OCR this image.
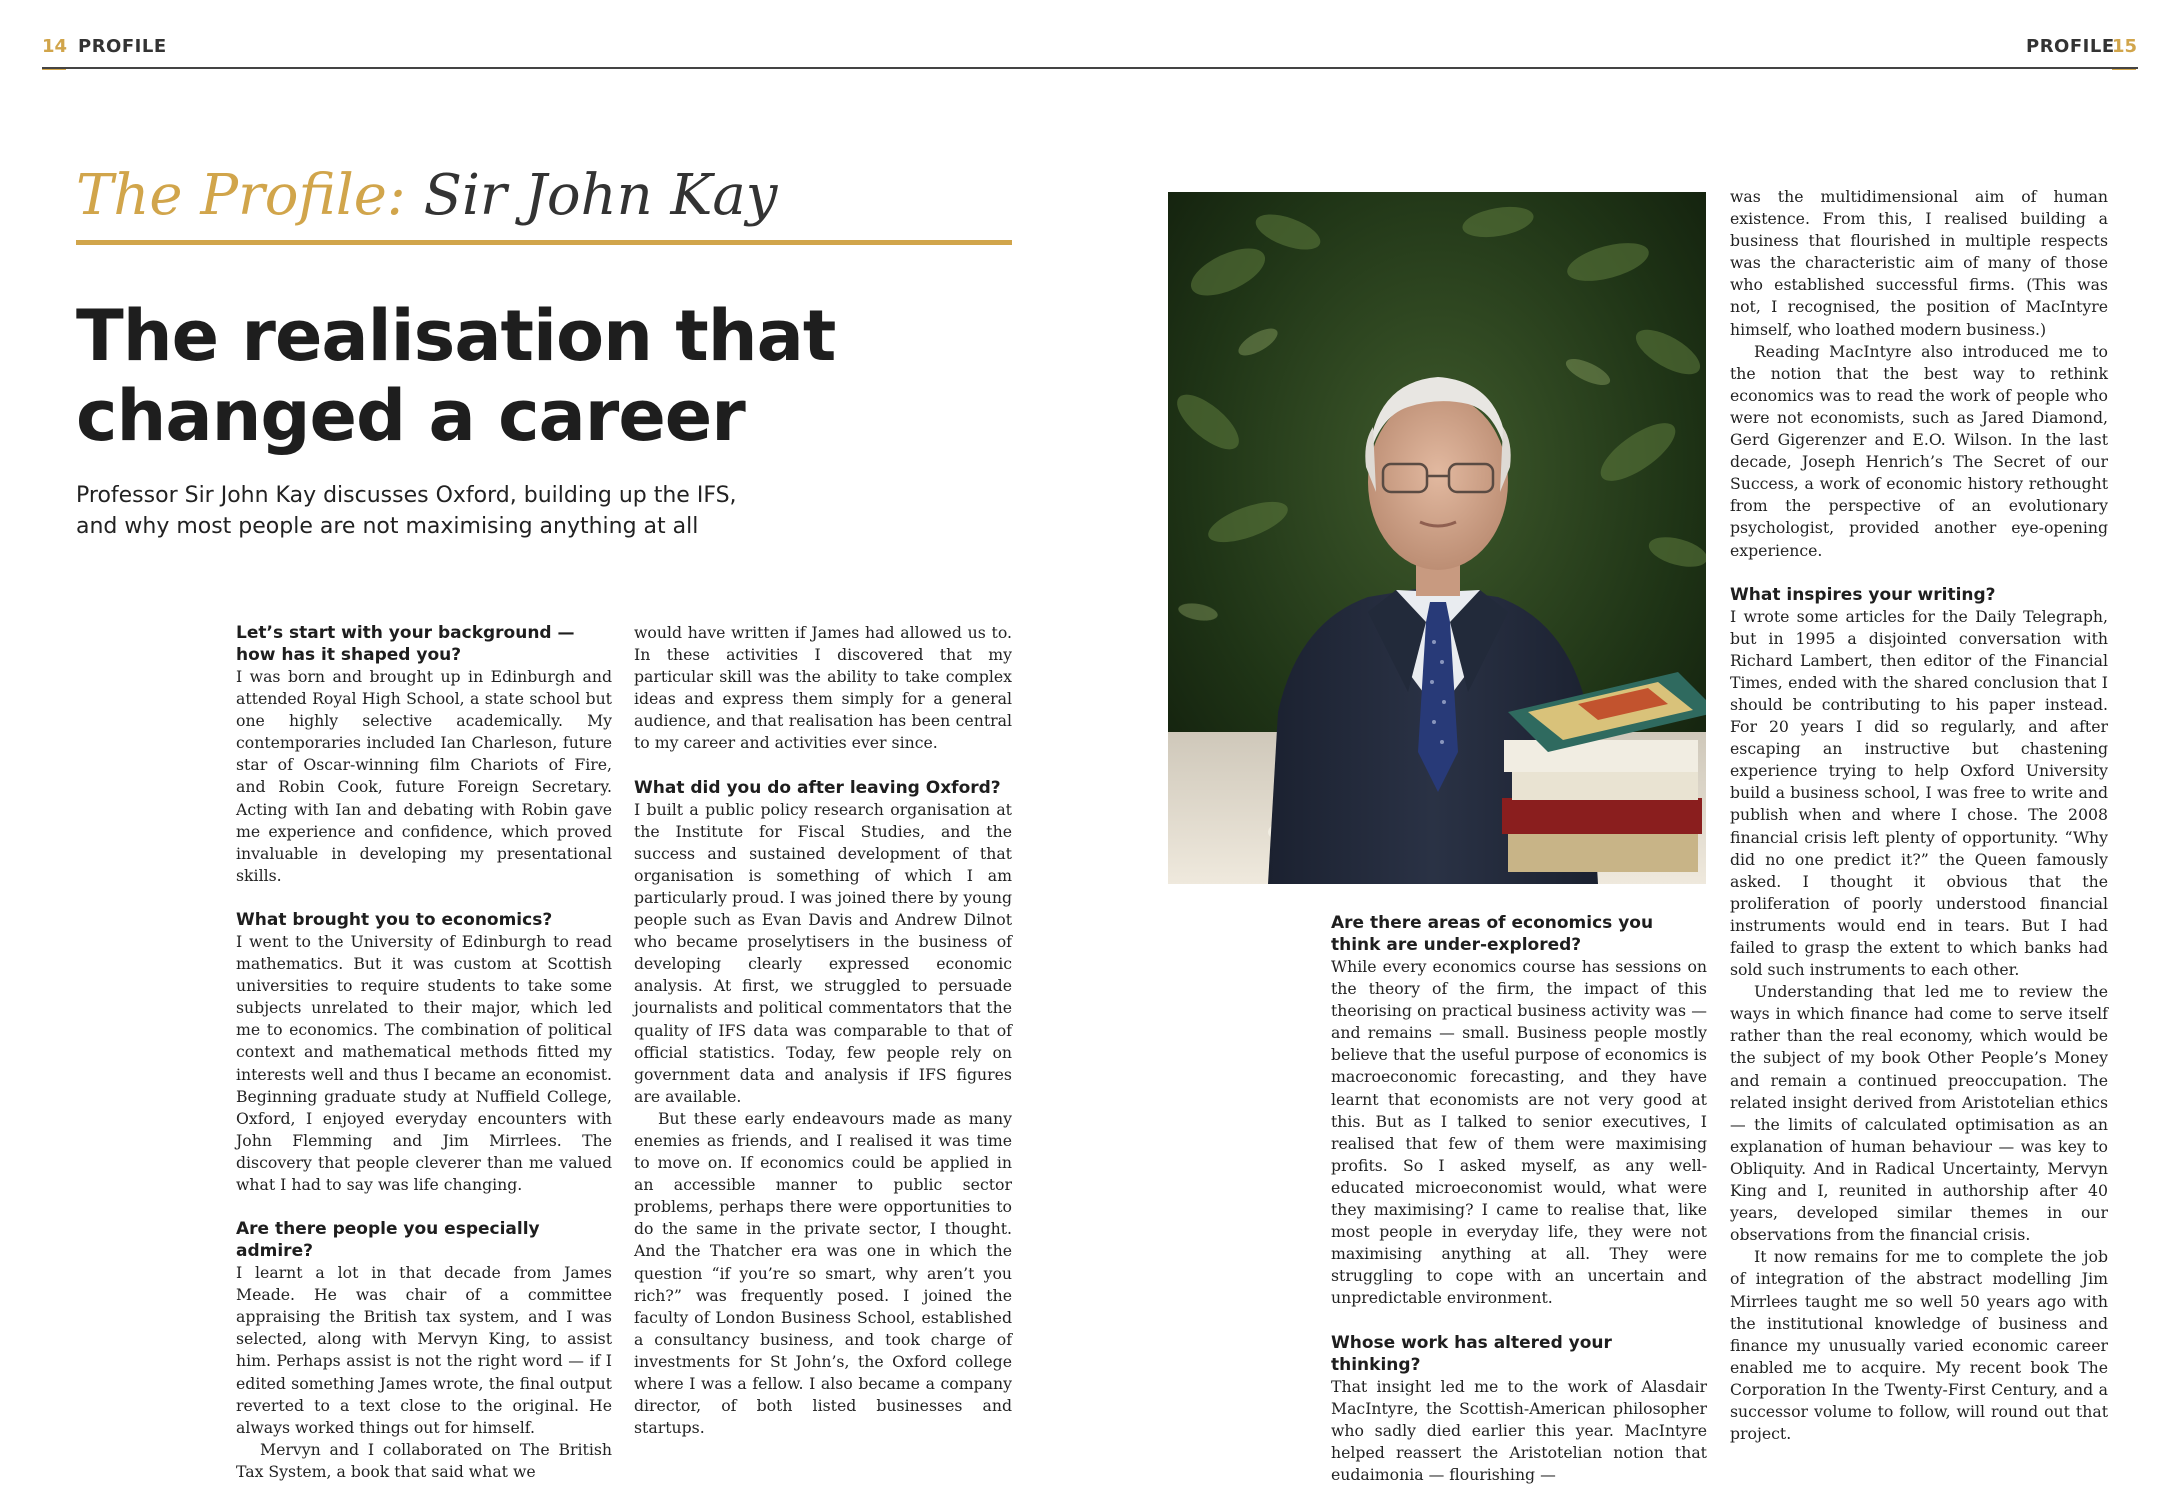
14 PROFILE	PROFILE
15
The Profile: Sir John Kay
The realisation that
changed a career
Professor Sir John Kay discusses Oxford, building up the IFS,
and why most people are not maximising anything at all
Let’s start with your background — how has it shaped you?

I was born and brought up in Edinburgh and attended Royal High School, a state school but one highly selective academically. My contemporaries included Ian Charleson, future star of Oscar-winning film Chariots of Fire, and Robin Cook, future Foreign Secretary. Acting with Ian and debating with Robin gave me experience and confidence, which proved invaluable in developing my presentational skills.

What brought you to economics?

I went to the University of Edinburgh to read mathematics. But it was custom at Scottish universities to require students to take some subjects unrelated to their major, which led me to economics. The combination of political context and mathematical methods fitted my interests well and thus I became an economist. Beginning graduate study at Nuffield College, Oxford, I enjoyed everyday encounters with John Flemming and Jim Mirrlees. The discovery that people cleverer than me valued what I had to say was life changing.

Are there people you especially admire?

I learnt a lot in that decade from James Meade. He was chair of a committee appraising the British tax system, and I was selected, along with Mervyn King, to assist him. Perhaps assist is not the right word — if I edited something James wrote, the final output reverted to a text close to the original. He always worked things out for himself.

Mervyn and I collaborated on The British Tax System, a book that said what we

would have written if James had allowed us to. In these activities I discovered that my particular skill was the ability to take complex ideas and express them simply for a general audience, and that realisation has been central to my career and activities ever since.

What did you do after leaving Oxford?

I built a public policy research organisation at the Institute for Fiscal Studies, and the success and sustained development of that organisation is something of which I am particularly proud. I was joined there by young people such as Evan Davis and Andrew Dilnot who became proselytisers in the business of developing clearly expressed economic analysis. At first, we struggled to persuade journalists and political commentators that the quality of IFS data was comparable to that of official statistics. Today, few people rely on government data and analysis if IFS figures are available.

But these early endeavours made as many enemies as friends, and I realised it was time to move on. If economics could be applied in an accessible manner to public sector problems, perhaps there were opportunities to do the same in the private sector, I thought. And the Thatcher era was one in which the question “if you’re so smart, why aren’t you rich?” was frequently posed. I joined the faculty of London Business School, established a consultancy business, and took charge of investments for St John’s, the Oxford college where I was a fellow. I also became a company director, of both listed businesses and startups.

Are there areas of economics you think are under-explored?

While every economics course has sessions on the theory of the firm, the impact of this theorising on practical business activity was — and remains — small. Business people mostly believe that the useful purpose of economics is macroeconomic forecasting, and they have learnt that economists are not very good at this. But as I talked to senior executives, I realised that few of them were maximising profits. So I asked myself, as any well-educated microeconomist would, what were they maximising? I came to realise that, like most people in everyday life, they were not maximising anything at all. They were struggling to cope with an uncertain and unpredictable environment.

Whose work has altered your thinking?

That insight led me to the work of Alasdair MacIntyre, the Scottish-American philosopher who sadly died earlier this year. MacIntyre helped reassert the Aristotelian notion that eudaimonia — flourishing —

was the multidimensional aim of human existence. From this, I realised building a business that flourished in multiple respects was the characteristic aim of many of those who established successful firms. (This was not, I recognised, the position of MacIntyre himself, who loathed modern business.)

Reading MacIntyre also introduced me to the notion that the best way to rethink economics was to read the work of people who were not economists, such as Jared Diamond, Gerd Gigerenzer and E.O. Wilson. In the last decade, Joseph Henrich’s The Secret of our Success, a work of economic history rethought from the perspective of an evolutionary psychologist, provided another eye-opening experience.

What inspires your writing?

I wrote some articles for the Daily Telegraph, but in 1995 a disjointed conversation with Richard Lambert, then editor of the Financial Times, ended with the shared conclusion that I should be contributing to his paper instead. For 20 years I did so regularly, and after escaping an instructive but chastening experience trying to help Oxford University build a business school, I was free to write and publish when and where I chose. The 2008 financial crisis left plenty of opportunity. “Why did no one predict it?” the Queen famously asked. I thought it obvious that the proliferation of poorly understood financial instruments would end in tears. But I had failed to grasp the extent to which banks had sold such instruments to each other.

Understanding that led me to review the ways in which finance had come to serve itself rather than the real economy, which would be the subject of my book Other People’s Money and remain a continued preoccupation. The related insight derived from Aristotelian ethics — the limits of calculated optimisation as an explanation of human behaviour — was key to Obliquity. And in Radical Uncertainty, Mervyn King and I, reunited in authorship after 40 years, developed similar themes in our observations from the financial crisis.

It now remains for me to complete the job of integration of the abstract modelling Jim Mirrlees taught me so well 50 years ago with the institutional knowledge of business and finance my unusually varied economic career enabled me to acquire. My recent book The Corporation In the Twenty-First Century, and a successor volume to follow, will round out that project.
